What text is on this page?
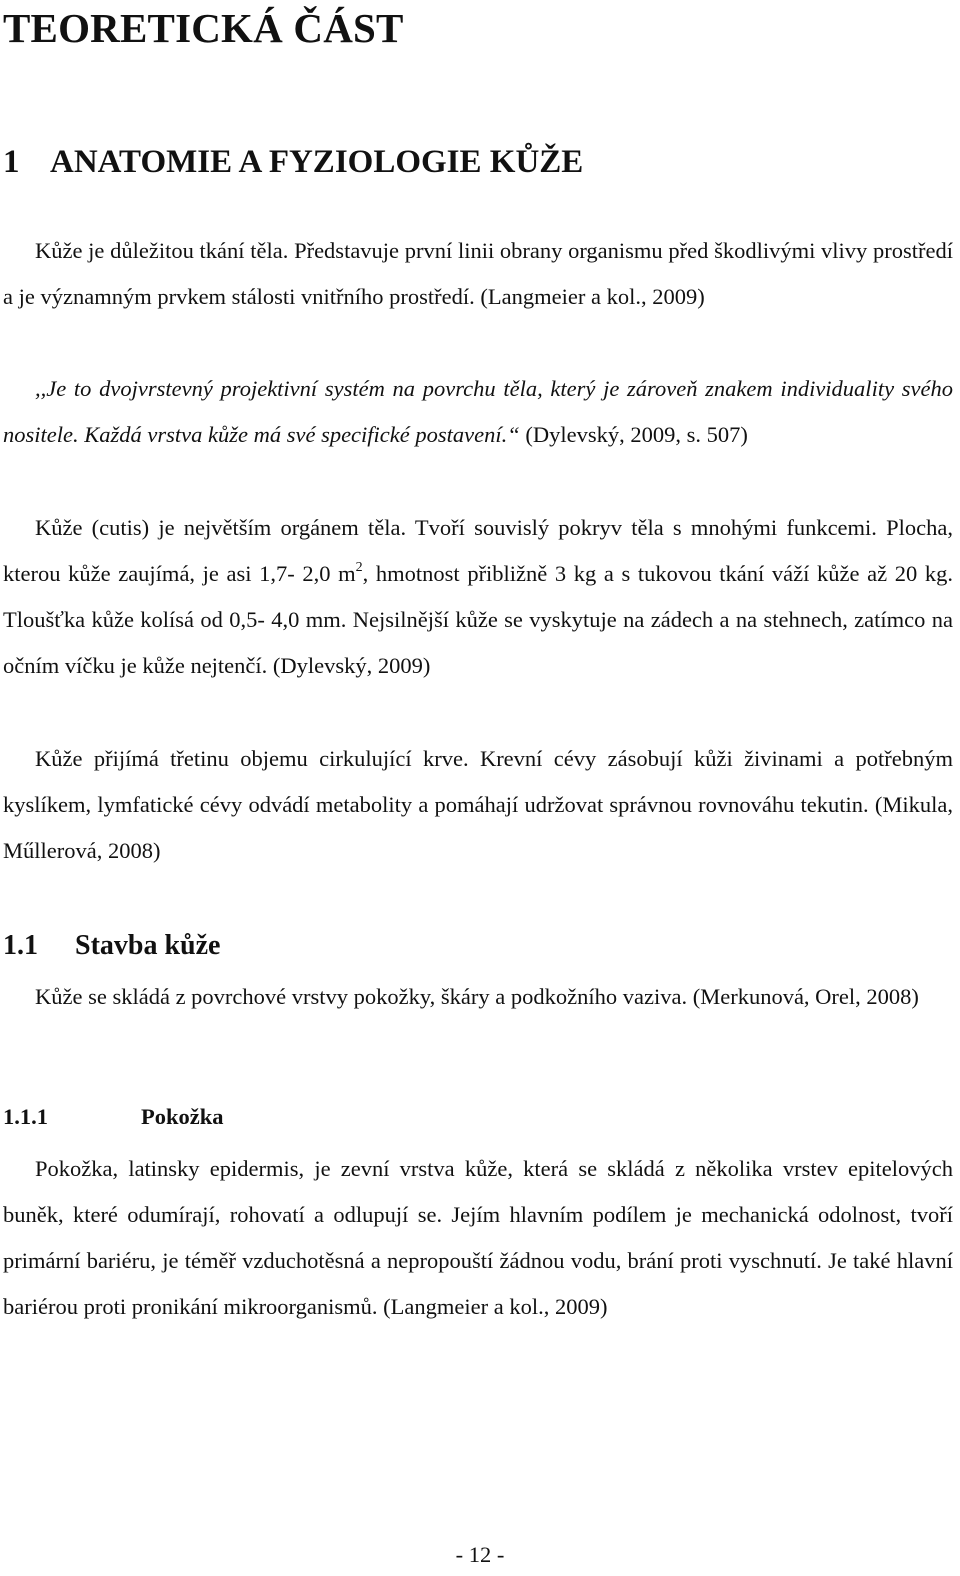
TEORETICKÁ ČÁST
1 ANATOMIE A FYZIOLOGIE KŮŽE

Kůže je důležitou tkání těla. Představuje první linii obrany organismu před škodlivými vlivy prostředí a je významným prvkem stálosti vnitřního prostředí. (Langmeier a kol., 2009)

,,Je to dvojvrstevný projektivní systém na povrchu těla, který je zároveň znakem individuality svého nositele. Každá vrstva kůže má své specifické postavení.“ (Dylevský, 2009, s. 507)

Kůže (cutis) je největším orgánem těla. Tvoří souvislý pokryv těla s mnohými funkcemi. Plocha, kterou kůže zaujímá, je asi 1,7- 2,0 $m^2$, hmotnost přibližně 3 kg a s tukovou tkání váží kůže až 20 kg. Tloušťka kůže kolísá od 0,5- 4,0 mm. Nejsilnější kůže se vyskytuje na zádech a na stehnech, zatímco na očním víčku je kůže nejtenčí. (Dylevský, 2009)

Kůže přijímá třetinu objemu cirkulující krve. Krevní cévy zásobují kůži živinami a potřebným kyslíkem, lymfatické cévy odvádí metabolity a pomáhají udržovat správnou rovnováhu tekutin. (Mikula, Műllerová, 2008)

1.1 Stavba kůže

Kůže se skládá z povrchové vrstvy pokožky, škáry a podkožního vaziva. (Merkunová, Orel, 2008)

1.1.1	Pokožka

Pokožka, latinsky epidermis, je zevní vrstva kůže, která se skládá z několika vrstev epitelových buněk, které odumírají, rohovatí a odlupují se. Jejím hlavním podílem je mechanická odolnost, tvoří primární bariéru, je téměř vzduchotěsná a nepropouští žádnou vodu, brání proti vyschnutí. Je také hlavní bariérou proti pronikání mikroorganismů. (Langmeier a kol., 2009)

- 12 -
